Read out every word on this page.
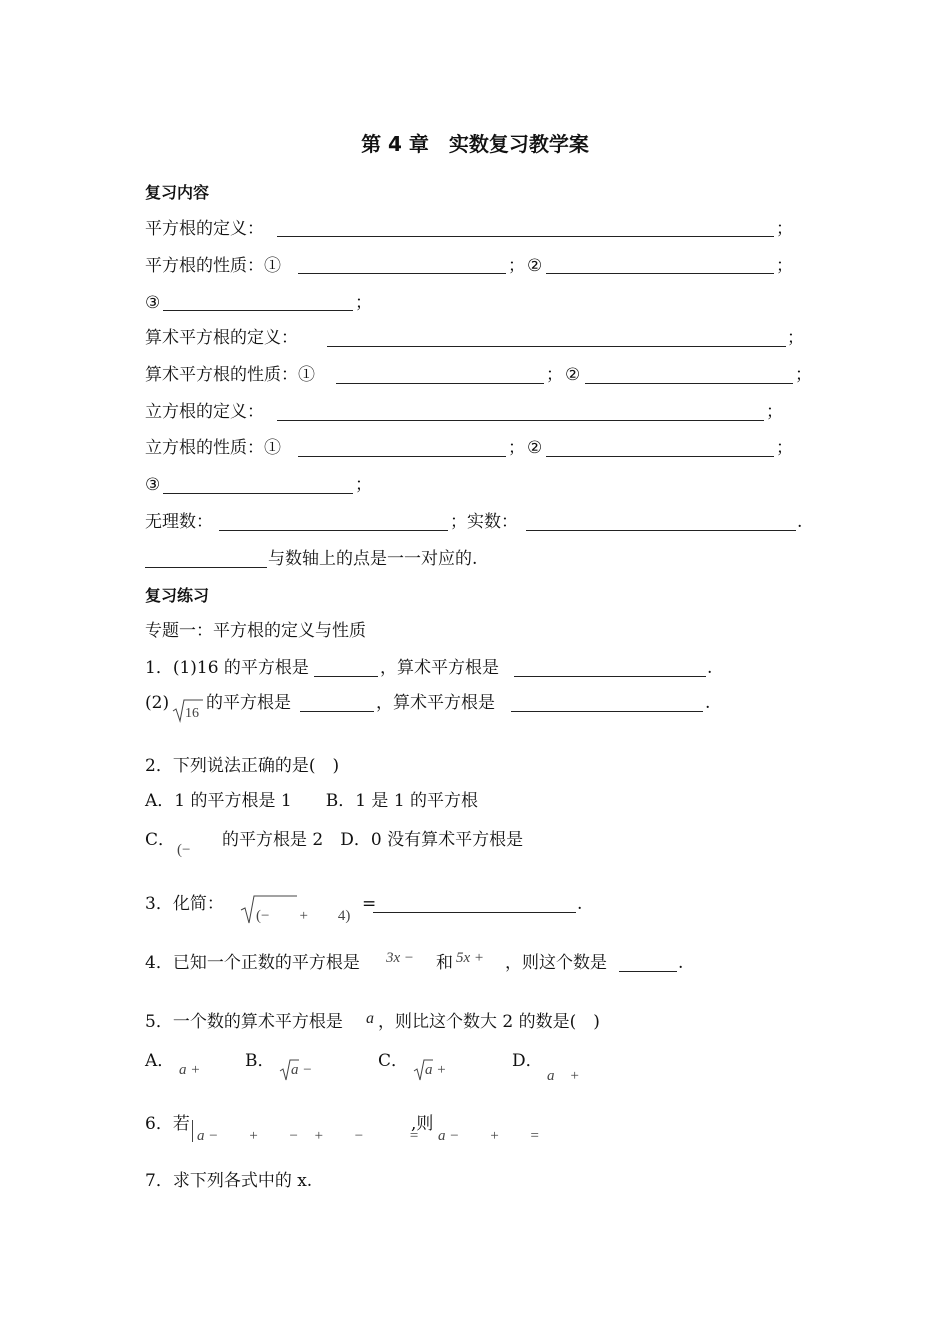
第 4 章　实数复习教学案
复习内容
平方根的定义：	；
平方根的性质：①	； ②	；
③	；
算术平方根的定义：	；
算术平方根的性质：①	； ②	；
立方根的定义：	；
立方根的性质：①	； ②	；
③	；
无理数：	；实数：	.
与数轴上的点是一一对应的.
复习练习
专题一：平方根的定义与性质
1．(1)16 的平方根是	，算术平方根是	.
(2)
16
的平方根是	，算术平方根是	.
2．下列说法正确的是(　)
A．1 的平方根是 1　　B．1 是 1 的平方根
C． (− 的平方根是 2　D．0 没有算术平方根是
3．化简：
(−　　+　　4)
=	.
4．已知一个正数的平方根是 3x − 和 5x + ，则这个数是	.
5．一个数的算术平方根是 a ，则比这个数大 2 的数是(　)
A． a +	B． a −	C． a +	D．
a　+
6．若
a −　　+　　−　+　　−　　　=
,则
a −　　+　　=
7．求下列各式中的 x.
